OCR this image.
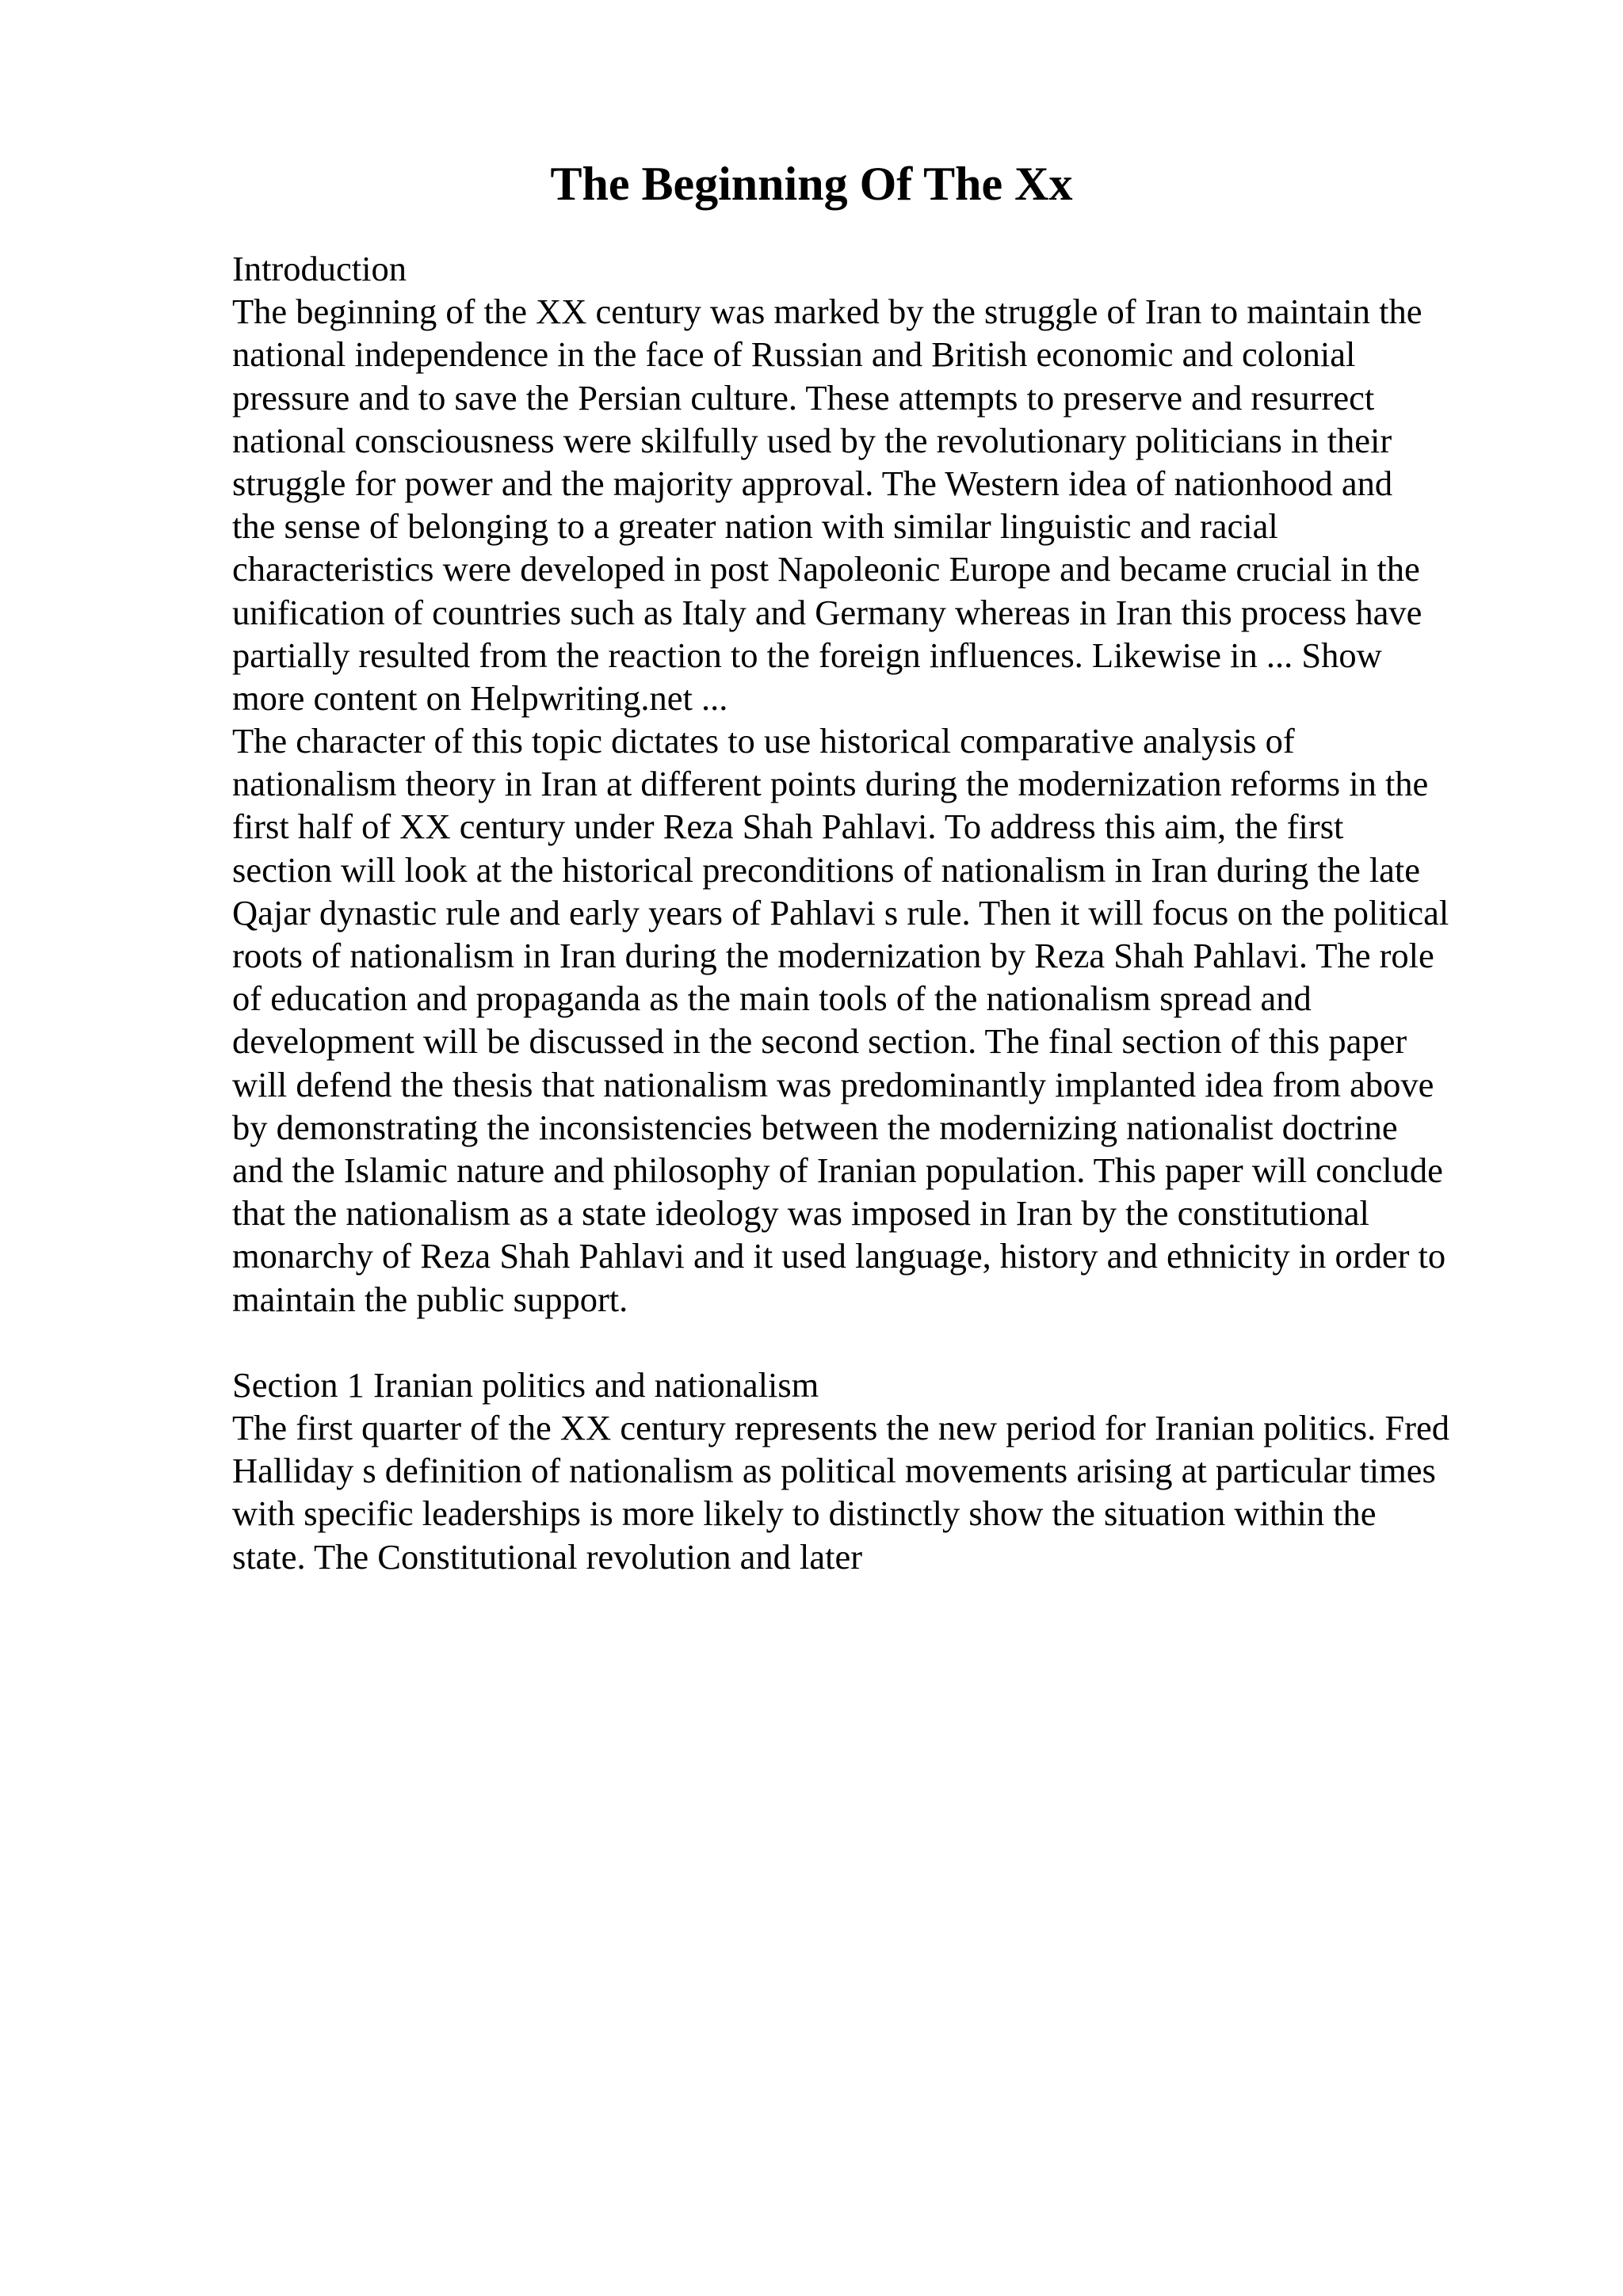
The Beginning Of The Xx
Introduction
The beginning of the XX century was marked by the struggle of Iran to maintain the
national independence in the face of Russian and British economic and colonial
pressure and to save the Persian culture. These attempts to preserve and resurrect
national consciousness were skilfully used by the revolutionary politicians in their
struggle for power and the majority approval. The Western idea of nationhood and
the sense of belonging to a greater nation with similar linguistic and racial
characteristics were developed in post Napoleonic Europe and became crucial in the
unification of countries such as Italy and Germany whereas in Iran this process have
partially resulted from the reaction to the foreign influences. Likewise in ... Show
more content on Helpwriting.net ...
The character of this topic dictates to use historical comparative analysis of
nationalism theory in Iran at different points during the modernization reforms in the
first half of XX century under Reza Shah Pahlavi. To address this aim, the first
section will look at the historical preconditions of nationalism in Iran during the late
Qajar dynastic rule and early years of Pahlavi s rule. Then it will focus on the political
roots of nationalism in Iran during the modernization by Reza Shah Pahlavi. The role
of education and propaganda as the main tools of the nationalism spread and
development will be discussed in the second section. The final section of this paper
will defend the thesis that nationalism was predominantly implanted idea from above
by demonstrating the inconsistencies between the modernizing nationalist doctrine
and the Islamic nature and philosophy of Iranian population. This paper will conclude
that the nationalism as a state ideology was imposed in Iran by the constitutional
monarchy of Reza Shah Pahlavi and it used language, history and ethnicity in order to
maintain the public support.
Section 1 Iranian politics and nationalism
The first quarter of the XX century represents the new period for Iranian politics. Fred
Halliday s definition of nationalism as political movements arising at particular times
with specific leaderships is more likely to distinctly show the situation within the
state. The Constitutional revolution and later
